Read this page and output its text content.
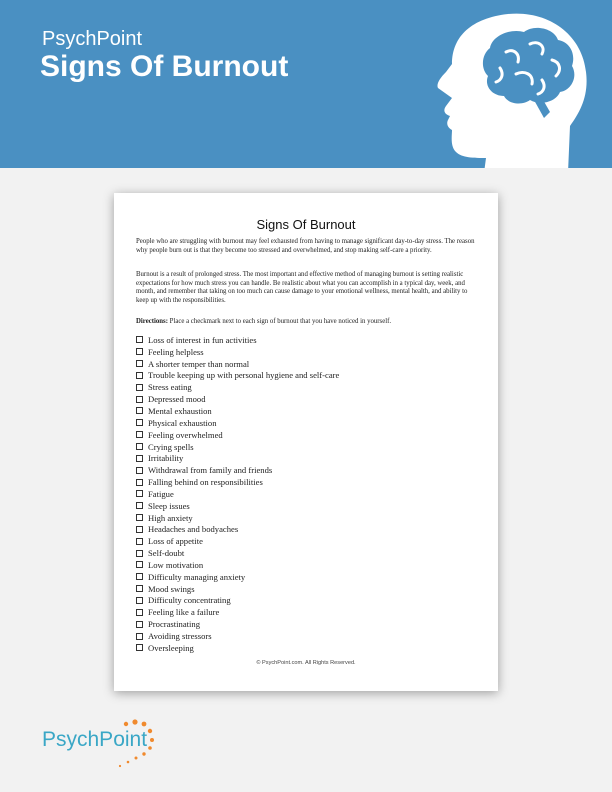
PsychPoint
Signs Of Burnout
Signs Of Burnout

People who are struggling with burnout may feel exhausted from having to manage significant day-to-day stress. The reason why people burn out is that they become too stressed and overwhelmed, and stop making self-care a priority.

Burnout is a result of prolonged stress. The most important and effective method of managing burnout is setting realistic expectations for how much stress you can handle. Be realistic about what you can accomplish in a typical day, week, and month, and remember that taking on too much can cause damage to your emotional wellness, mental health, and ability to keep up with the responsibilities.

Directions: Place a checkmark next to each sign of burnout that you have noticed in yourself.

Loss of interest in fun activities
Feeling helpless
A shorter temper than normal
Trouble keeping up with personal hygiene and self-care
Stress eating
Depressed mood
Mental exhaustion
Physical exhaustion
Feeling overwhelmed
Crying spells
Irritability
Withdrawal from family and friends
Falling behind on responsibilities
Fatigue
Sleep issues
High anxiety
Headaches and bodyaches
Loss of appetite
Self-doubt
Low motivation
Difficulty managing anxiety
Mood swings
Difficulty concentrating
Feeling like a failure
Procrastinating
Avoiding stressors
Oversleeping
© PsychPoint.com. All Rights Reserved.
PsychPoint
